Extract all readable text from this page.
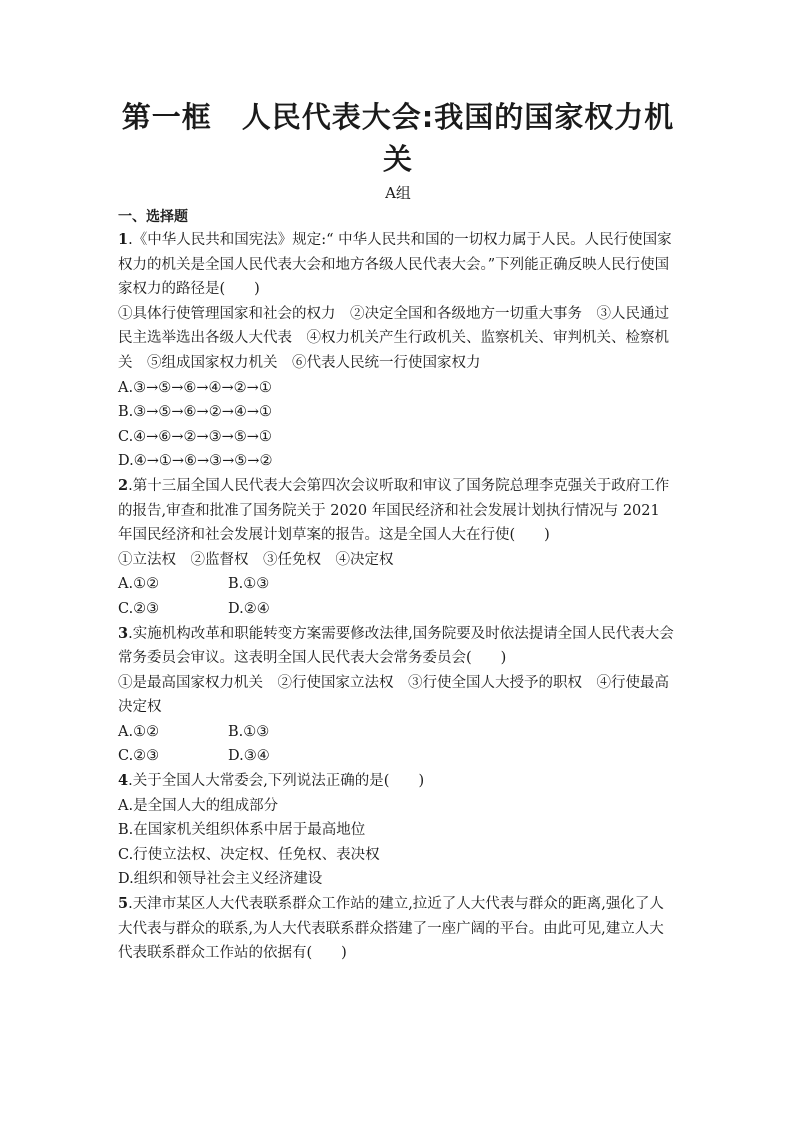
第一框　人民代表大会:我国的国家权力机关
A组
一、选择题

1.《中华人民共和国宪法》规定:“ 中华人民共和国的一切权力属于人民。人民行使国家权力的机关是全国人民代表大会和地方各级人民代表大会。”下列能正确反映人民行使国家权力的路径是(　　)

①具体行使管理国家和社会的权力　②决定全国和各级地方一切重大事务　③人民通过民主选举选出各级人大代表　④权力机关产生行政机关、监察机关、审判机关、检察机关　⑤组成国家权力机关　⑥代表人民统一行使国家权力

A.③→⑤→⑥→④→②→①

B.③→⑤→⑥→②→④→①

C.④→⑥→②→③→⑤→①

D.④→①→⑥→③→⑤→②

2.第十三届全国人民代表大会第四次会议听取和审议了国务院总理李克强关于政府工作的报告,审查和批准了国务院关于 2020 年国民经济和社会发展计划执行情况与 2021 年国民经济和社会发展计划草案的报告。这是全国人大在行使(　　)

①立法权　②监督权　③任免权　④决定权

A.①②	B.①③
C.②③	D.②④

3.实施机构改革和职能转变方案需要修改法律,国务院要及时依法提请全国人民代表大会常务委员会审议。这表明全国人民代表大会常务委员会(　　)

①是最高国家权力机关　②行使国家立法权　③行使全国人大授予的职权　④行使最高决定权

A.①②	B.①③
C.②③	D.③④

4.关于全国人大常委会,下列说法正确的是(　　)

A.是全国人大的组成部分

B.在国家机关组织体系中居于最高地位

C.行使立法权、决定权、任免权、表决权

D.组织和领导社会主义经济建设

5.天津市某区人大代表联系群众工作站的建立,拉近了人大代表与群众的距离,强化了人大代表与群众的联系,为人大代表联系群众搭建了一座广阔的平台。由此可见,建立人大代表联系群众工作站的依据有(　　)
